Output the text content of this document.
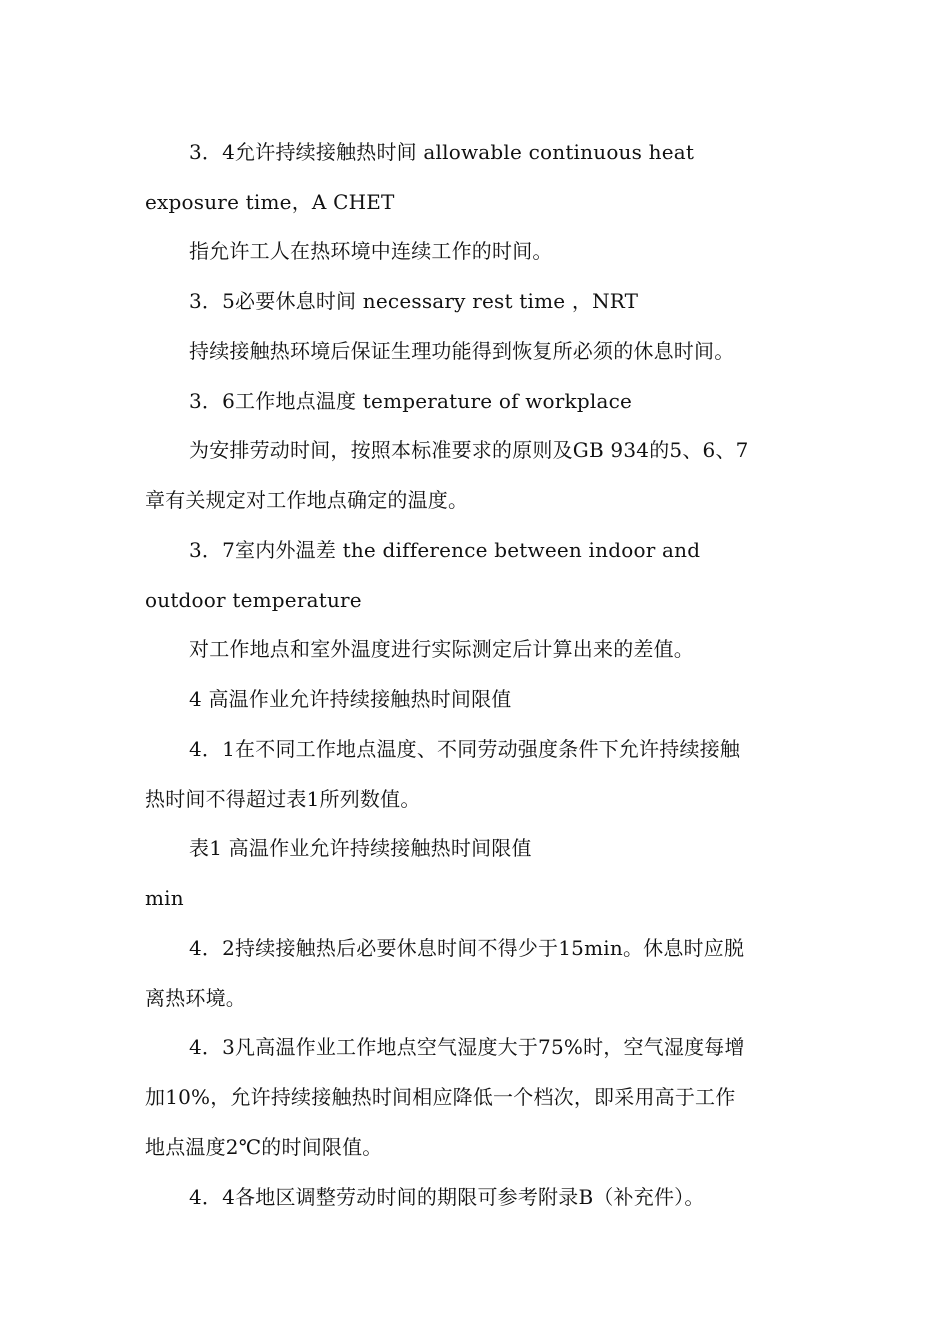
3．4允许持续接触热时间 allowable continuous heat
exposure time，A CHET
指允许工人在热环境中连续工作的时间。
3．5必要休息时间 necessary rest time ，NRT
持续接触热环境后保证生理功能得到恢复所必须的休息时间。
3．6工作地点温度 temperature of workplace
为安排劳动时间，按照本标准要求的原则及GB 934的5、6、7
章有关规定对工作地点确定的温度。
3．7室内外温差 the difference between indoor and
outdoor temperature
对工作地点和室外温度进行实际测定后计算出来的差值。
4 高温作业允许持续接触热时间限值
4．1在不同工作地点温度、不同劳动强度条件下允许持续接触
热时间不得超过表1所列数值。
表1 高温作业允许持续接触热时间限值
min
4．2持续接触热后必要休息时间不得少于15min。休息时应脱
离热环境。
4．3凡高温作业工作地点空气湿度大于75%时，空气湿度每增
加10%，允许持续接触热时间相应降低一个档次，即采用高于工作
地点温度2℃的时间限值。
4．4各地区调整劳动时间的期限可参考附录B（补充件）。
